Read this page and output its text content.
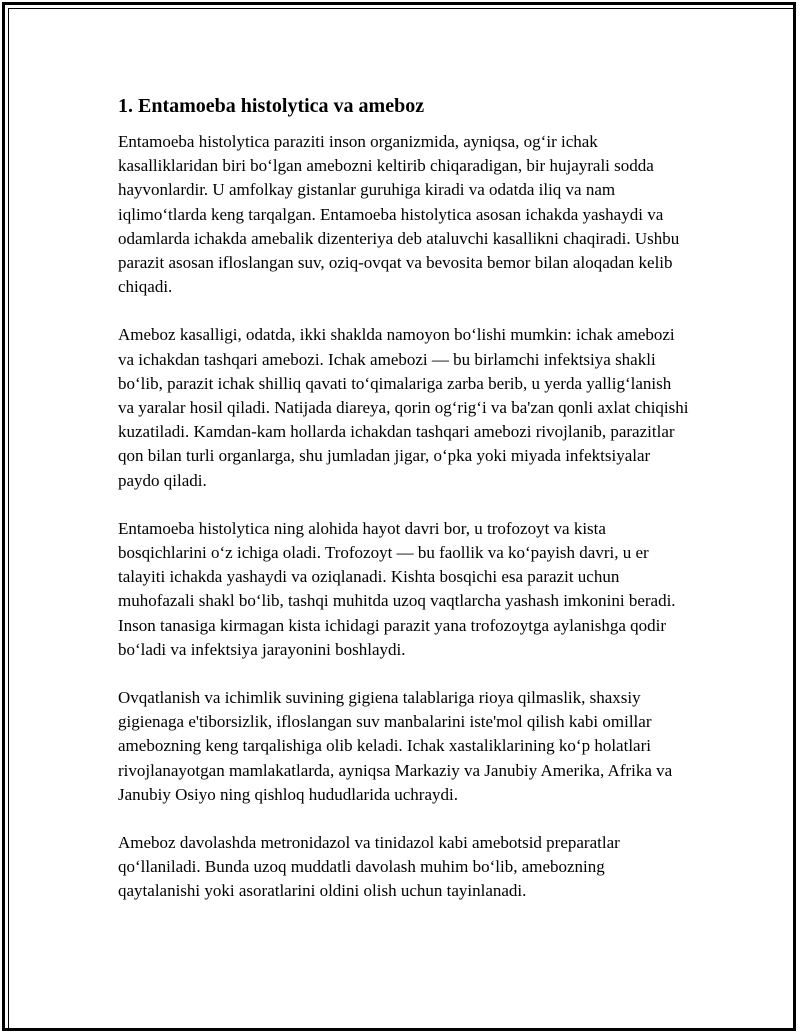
1. Entamoeba histolytica va ameboz

Entamoeba histolytica paraziti inson organizmida, ayniqsa, og‘ir ichak kasalliklaridan biri bo‘lgan amebozni keltirib chiqaradigan, bir hujayrali sodda hayvonlardir. U amfolkay gistanlar guruhiga kiradi va odatda iliq va nam iqlimo‘tlarda keng tarqalgan. Entamoeba histolytica asosan ichakda yashaydi va odamlarda ichakda amebalik dizenteriya deb ataluvchi kasallikni chaqiradi. Ushbu parazit asosan ifloslangan suv, oziq-ovqat va bevosita bemor bilan aloqadan kelib chiqadi.

Ameboz kasalligi, odatda, ikki shaklda namoyon bo‘lishi mumkin: ichak amebozi va ichakdan tashqari amebozi. Ichak amebozi — bu birlamchi infektsiya shakli bo‘lib, parazit ichak shilliq qavati to‘qimalariga zarba berib, u yerda yallig‘lanish va yaralar hosil qiladi. Natijada diareya, qorin og‘rig‘i va ba'zan qonli axlat chiqishi kuzatiladi. Kamdan-kam hollarda ichakdan tashqari amebozi rivojlanib, parazitlar qon bilan turli organlarga, shu jumladan jigar, o‘pka yoki miyada infektsiyalar paydo qiladi.

Entamoeba histolytica ning alohida hayot davri bor, u trofozoyt va kista bosqichlarini o‘z ichiga oladi. Trofozoyt — bu faollik va ko‘payish davri, u er talayiti ichakda yashaydi va oziqlanadi. Kishta bosqichi esa parazit uchun muhofazali shakl bo‘lib, tashqi muhitda uzoq vaqtlarcha yashash imkonini beradi. Inson tanasiga kirmagan kista ichidagi parazit yana trofozoytga aylanishga qodir bo‘ladi va infektsiya jarayonini boshlaydi.

Ovqatlanish va ichimlik suvining gigiena talablariga rioya qilmaslik, shaxsiy gigienaga e'tiborsizlik, ifloslangan suv manbalarini iste'mol qilish kabi omillar amebozning keng tarqalishiga olib keladi. Ichak xastaliklarining ko‘p holatlari rivojlanayotgan mamlakatlarda, ayniqsa Markaziy va Janubiy Amerika, Afrika va Janubiy Osiyo ning qishloq hududlarida uchraydi.

Ameboz davolashda metronidazol va tinidazol kabi amebotsid preparatlar qo‘llaniladi. Bunda uzoq muddatli davolash muhim bo‘lib, amebozning qaytalanishi yoki asoratlarini oldini olish uchun tayinlanadi.
